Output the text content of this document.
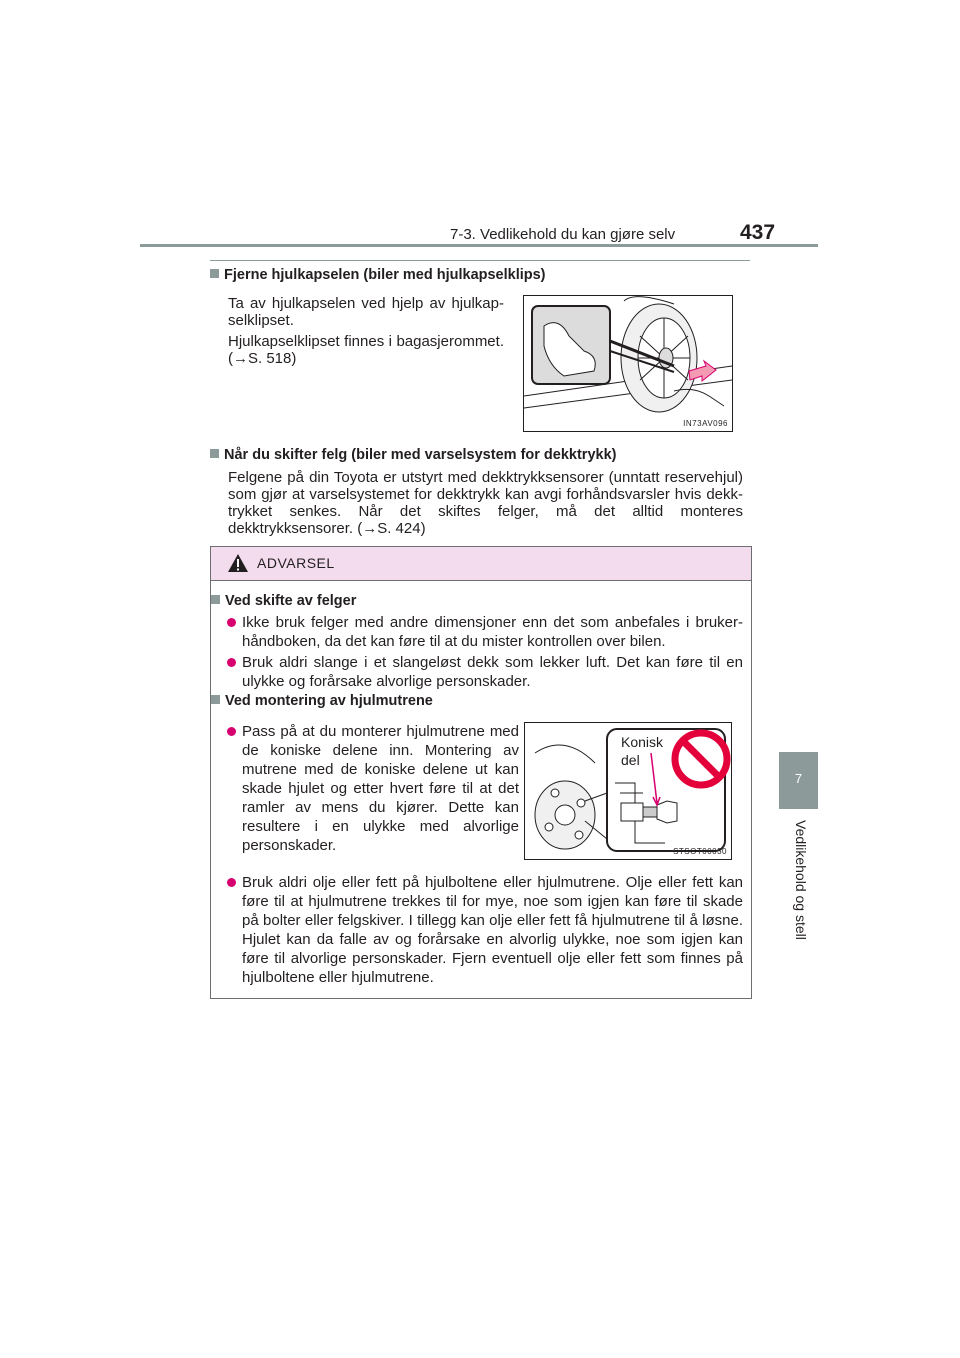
7-3. Vedlikehold du kan gjøre selv	437
7
Vedlikehold og stell
Fjerne hjulkapselen (biler med hjulkapselklips)
Ta av hjulkapselen ved hjelp av hjulkap-selklipset.
Hjulkapselklipset finnes i bagasjerommet. (→S. 518)
IN73AV096
Når du skifter felg (biler med varselsystem for dekktrykk)
Felgene på din Toyota er utstyrt med dekktrykksensorer (unntatt reservehjul) som gjør at varselsystemet for dekktrykk kan avgi forhåndsvarsler hvis dekk-trykket senkes. Når det skiftes felger, må det alltid monteres dekktrykksensorer. (→S. 424)
ADVARSEL
Ved skifte av felger
Ikke bruk felger med andre dimensjoner enn det som anbefales i bruker-håndboken, da det kan føre til at du mister kontrollen over bilen.
Bruk aldri slange i et slangeløst dekk som lekker luft. Det kan føre til en ulykke og forårsake alvorlige personskader.
Ved montering av hjulmutrene
Pass på at du monterer hjulmutrene med de koniske delene inn. Montering av mutrene med de koniske delene ut kan skade hjulet og etter hvert føre til at det ramler av mens du kjører. Dette kan resultere i en ulykke med alvorlige personskader.
Konisk del
STSOT00030
Bruk aldri olje eller fett på hjulboltene eller hjulmutrene. Olje eller fett kan føre til at hjulmutrene trekkes til for mye, noe som igjen kan føre til skade på bolter eller felgskiver. I tillegg kan olje eller fett få hjulmutrene til å løsne. Hjulet kan da falle av og forårsake en alvorlig ulykke, noe som igjen kan føre til alvorlige personskader. Fjern eventuell olje eller fett som finnes på hjulboltene eller hjulmutrene.
